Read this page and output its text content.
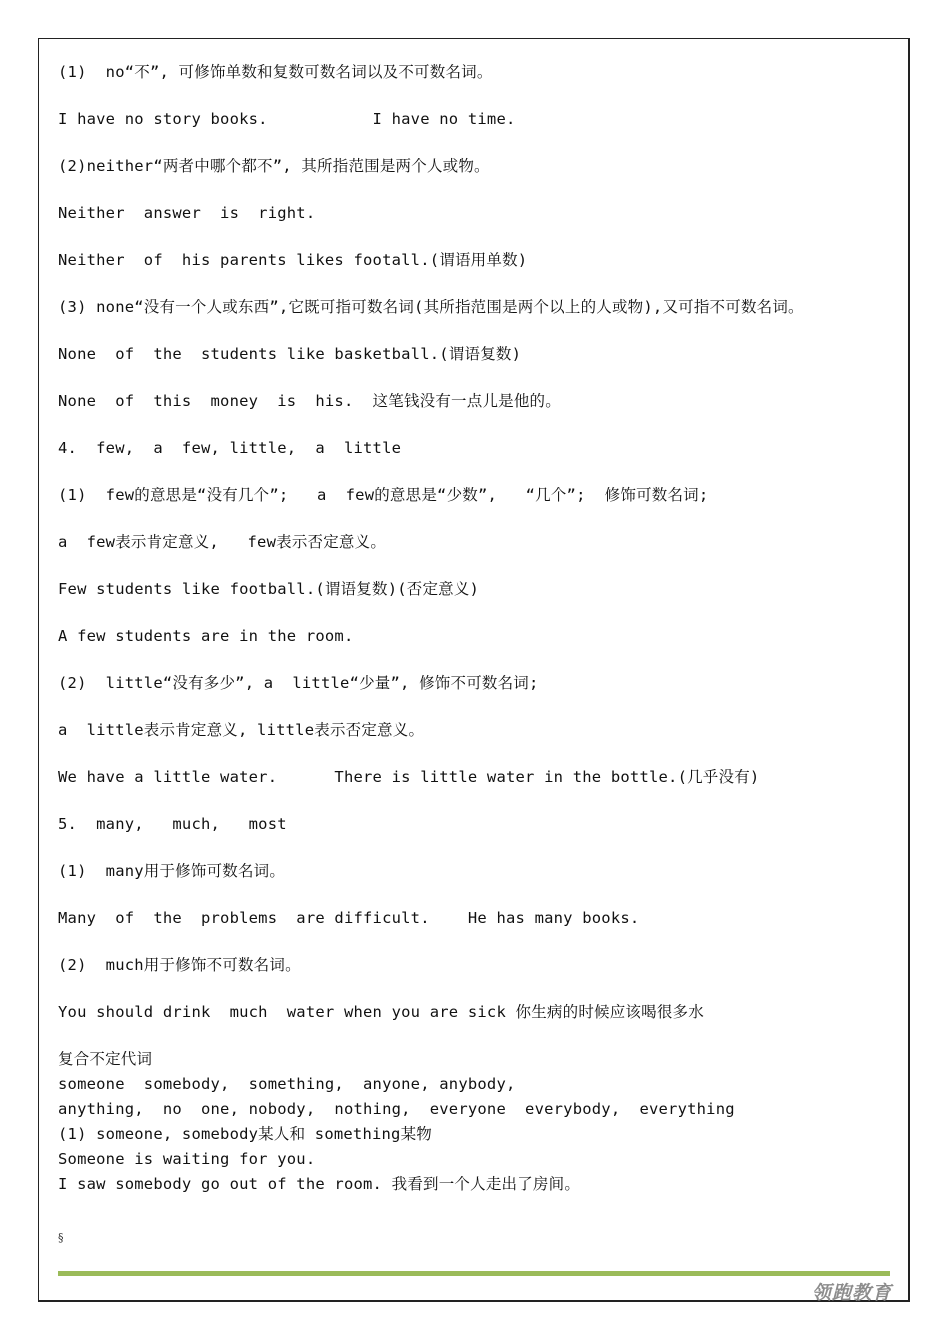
(1)  no“不”, 可修饰单数和复数可数名词以及不可数名词。
I have no story books.           I have no time.
(2)neither“两者中哪个都不”, 其所指范围是两个人或物。
Neither  answer  is  right.
Neither  of  his parents likes footall.(谓语用单数)
(3) none“没有一个人或东西”,它既可指可数名词(其所指范围是两个以上的人或物),又可指不可数名词。
None  of  the  students like basketball.(谓语复数)
None  of  this  money  is  his.  这笔钱没有一点儿是他的。
4.  few,  a  few, little,  a  little
(1)  few的意思是“没有几个”;   a  few的意思是“少数”,   “几个”;  修饰可数名词;
a  few表示肯定意义,   few表示否定意义。
Few students like football.(谓语复数)(否定意义)
A few students are in the room.
(2)  little“没有多少”, a  little“少量”, 修饰不可数名词;
a  little表示肯定意义, little表示否定意义。
We have a little water.      There is little water in the bottle.(几乎没有)
5.  many,   much,   most
(1)  many用于修饰可数名词。
Many  of  the  problems  are difficult.    He has many books.
(2)  much用于修饰不可数名词。
You should drink  much  water when you are sick 你生病的时候应该喝很多水
复合不定代词
someone  somebody,  something,  anyone, anybody,
anything,  no  one, nobody,  nothing,  everyone  everybody,  everything
(1) someone, somebody某人和 something某物
Someone is waiting for you.
I saw somebody go out of the room. 我看到一个人走出了房间。
§
领跑教育
